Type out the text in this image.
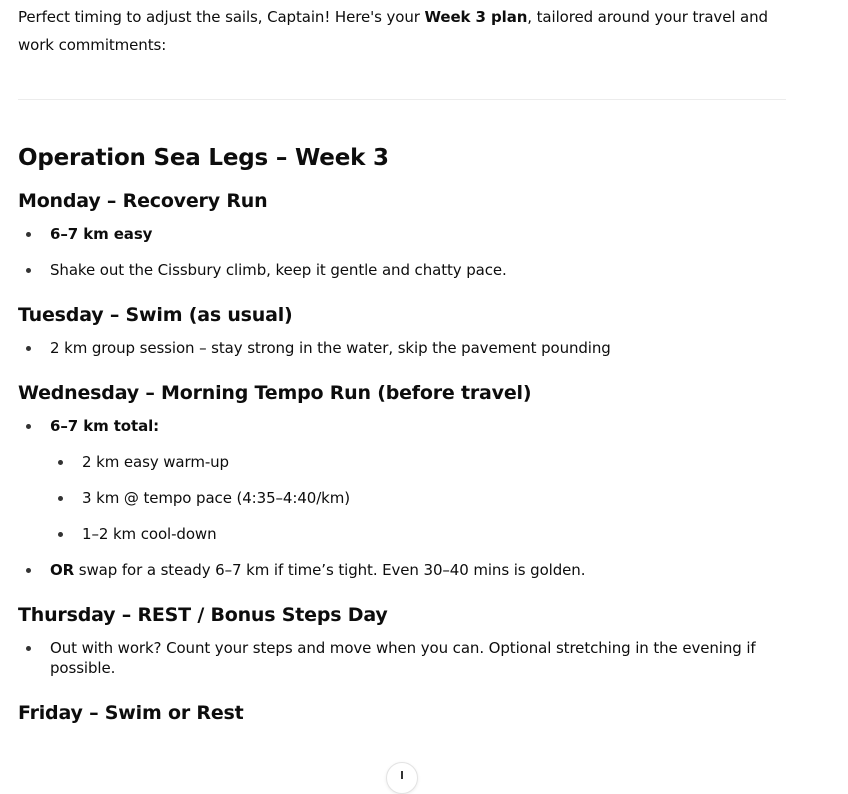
Perfect timing to adjust the sails, Captain! Here's your Week 3 plan, tailored around your travel and work commitments:

Operation Sea Legs – Week 3
Monday – Recovery Run
6–7 km easy
Shake out the Cissbury climb, keep it gentle and chatty pace.
Tuesday – Swim (as usual)
2 km group session – stay strong in the water, skip the pavement pounding
Wednesday – Morning Tempo Run (before travel)
6–7 km total:
2 km easy warm-up
3 km @ tempo pace (4:35–4:40/km)
1–2 km cool-down
OR swap for a steady 6–7 km if time’s tight. Even 30–40 mins is golden.
Thursday – REST / Bonus Steps Day
Out with work? Count your steps and move when you can. Optional stretching in the evening if possible.
Friday – Swim or Rest
